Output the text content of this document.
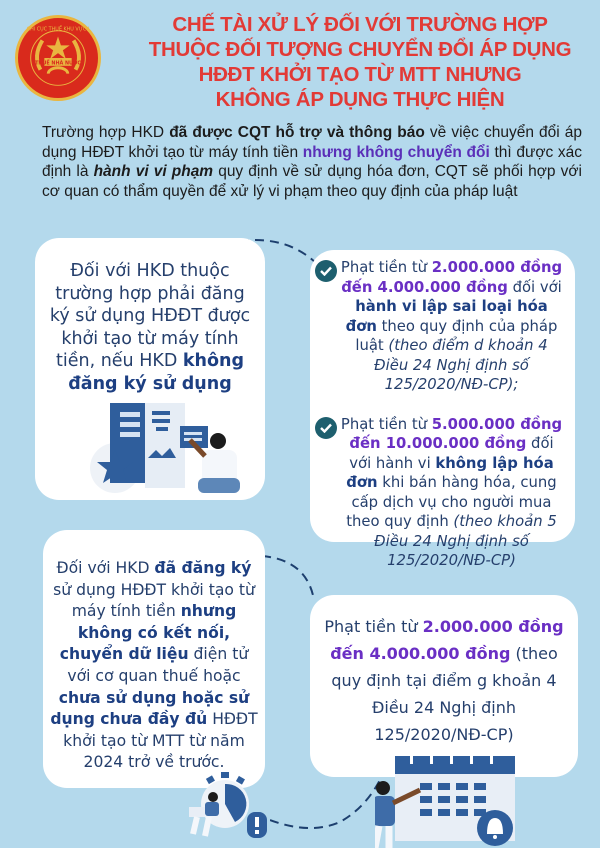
THUẾ NHÀ NƯỚC
CHI CỤC THUẾ KHU VỰC I	CHẾ TÀI XỬ LÝ ĐỐI VỚI TRƯỜNG HỢP
THUỘC ĐỐI TƯỢNG CHUYỂN ĐỔI ÁP DỤNG
HĐĐT KHỞI TẠO TỪ MTT NHƯNG
KHÔNG ÁP DỤNG THỰC HIỆN
Trường hợp HKD đã được CQT hỗ trợ và thông báo về việc chuyển đổi áp dụng HĐĐT khởi tạo từ máy tính tiền nhưng không chuyển đổi thì được xác định là hành vi vi phạm quy định về sử dụng hóa đơn, CQT sẽ phối hợp với cơ quan có thẩm quyền để xử lý vi phạm theo quy định của pháp luật
Đối với HKD thuộc trường hợp phải đăng ký sử dụng HĐĐT được khởi tạo từ máy tính tiền, nếu HKD không đăng ký sử dụng
Phạt tiền từ 2.000.000 đồng đến 4.000.000 đồng đối với hành vi lập sai loại hóa đơn theo quy định của pháp luật (theo điểm d khoản 4 Điều 24 Nghị định số 125/2020/NĐ-CP);
Phạt tiền từ 5.000.000 đồng đến 10.000.000 đồng đối với hành vi không lập hóa đơn khi bán hàng hóa, cung cấp dịch vụ cho người mua theo quy định (theo khoản 5 Điều 24 Nghị định số 125/2020/NĐ-CP)
Đối với HKD đã đăng ký sử dụng HĐĐT khởi tạo từ máy tính tiền nhưng không có kết nối, chuyển dữ liệu điện tử với cơ quan thuế hoặc chưa sử dụng hoặc sử dụng chưa đầy đủ HĐĐT khởi tạo từ MTT từ năm 2024 trở về trước.
Phạt tiền từ 2.000.000 đồng đến 4.000.000 đồng (theo quy định tại điểm g khoản 4 Điều 24 Nghị định 125/2020/NĐ-CP)
